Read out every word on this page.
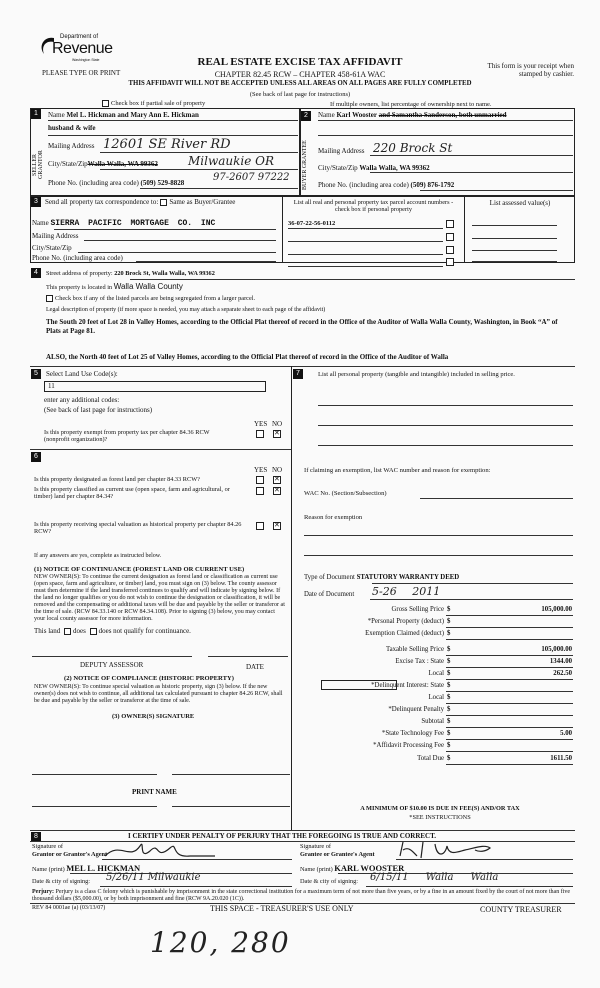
Department of
Revenue
Washington State
PLEASE TYPE OR PRINT
REAL ESTATE EXCISE TAX AFFIDAVIT
CHAPTER 82.45 RCW – CHAPTER 458-61A WAC
THIS AFFIDAVIT WILL NOT BE ACCEPTED UNLESS ALL AREAS ON ALL PAGES ARE FULLY COMPLETED
(See back of last page for instructions)
This form is your receipt when stamped by cashier.
Check box if partial sale of property	If multiple owners, list percentage of ownership next to name.
1
SELLER GRANTOR
Name Mel L. Hickman and Mary Ann E. Hickman
husband & wife
Mailing Address 12601 SE River RD
City/State/ZipWalla Walla, WA 99362	Milwaukie OR
Phone No. (including area code) (509) 529-8828	97-2607 97222
2
BUYER GRANTEE
Name Karl Wooster and Samantha Sanderson, both unmarried
Mailing Address 220 Brock St
City/State/Zip Walla Walla, WA 99362
Phone No. (including area code) (509) 876-1792
3	Send all property tax correspondence to: Same as Buyer/Grantee
Name SIERRA PACIFIC MORTGAGE CO. INC
Mailing Address
City/State/Zip
Phone No. (including area code)
List all real and personal property tax parcel account numbers - check box if personal property
List assessed value(s)
36-07-22-56-0112
4	Street address of property: 220 Brock St, Walla Walla, WA 99362
This property is located in Walla Walla County
Check box if any of the listed parcels are being segregated from a larger parcel.
Legal description of property (if more space is needed, you may attach a separate sheet to each page of the affidavit)
The South 20 feet of Lot 28 in Valley Homes, according to the Official Plat thereof of record in the Office of the Auditor of Walla Walla County, Washington, in Book “A” of Plats at Page 81.
ALSO, the North 40 feet of Lot 25 of Valley Homes, according to the Official Plat thereof of record in the Office of the Auditor of Walla
5	Select Land Use Code(s):
11
enter any additional codes:
(See back of last page for instructions)
YES NO
Is this property exempt from property tax per chapter 84.36 RCW (nonprofit organization)?
✕
6
YES NO
Is this property designated as forest land per chapter 84.33 RCW?
✕
Is this property classified as current use (open space, farm and agricultural, or timber) land per chapter 84.34?
✕
Is this property receiving special valuation as historical property per chapter 84.26 RCW?
✕
If any answers are yes, complete as instructed below.
(1) NOTICE OF CONTINUANCE (FOREST LAND OR CURRENT USE)
NEW OWNER(S): To continue the current designation as forest land or classification as current use (open space, farm and agriculture, or timber) land, you must sign on (3) below. The county assessor must then determine if the land transferred continues to qualify and will indicate by signing below. If the land no longer qualifies or you do not wish to continue the designation or classification, it will be removed and the compensating or additional taxes will be due and payable by the seller or transferor at the time of sale. (RCW 84.33.140 or RCW 84.34.108). Prior to signing (3) below, you may contact your local county assessor for more information.
This land does does not qualify for continuance.
DEPUTY ASSESSOR	DATE
(2) NOTICE OF COMPLIANCE (HISTORIC PROPERTY)
NEW OWNER(S): To continue special valuation as historic property, sign (3) below. If the new owner(s) does not wish to continue, all additional tax calculated pursuant to chapter 84.26 RCW, shall be due and payable by the seller or transferor at the time of sale.
(3) OWNER(S) SIGNATURE
PRINT NAME
7	List all personal property (tangible and intangible) included in selling price.
If claiming an exemption, list WAC number and reason for exemption:
WAC No. (Section/Subsection)
Reason for exemption
Type of Document STATUTORY WARRANTY DEED
Date of Document 5-26 2011
Gross Selling Price $	105,000.00
*Personal Property (deduct) $
Exemption Claimed (deduct) $
Taxable Selling Price $	105,000.00
Excise Tax : State $	1344.00
Local $	262.50
*Delinquent Interest: State $
Local $
*Delinquent Penalty $
Subtotal $
*State Technology Fee $	5.00
*Affidavit Processing Fee $
Total Due $	1611.50
A MINIMUM OF $10.00 IS DUE IN FEE(S) AND/OR TAX
*SEE INSTRUCTIONS
8	I CERTIFY UNDER PENALTY OF PERJURY THAT THE FOREGOING IS TRUE AND CORRECT.
Signature of
Grantor or Grantor's Agent
Signature of
Grantee or Grantee's Agent
Name (print) MEL L. HICKMAN	Name (print) KARL WOOSTER
Date & city of signing: 5/26/11 Milwaukie	Date & city of signing: 6/15/11 Walla Walla
Perjury: Perjury is a class C felony which is punishable by imprisonment in the state correctional institution for a maximum term of not more than five years, or by a fine in an amount fixed by the court of not more than five thousand dollars ($5,000.00), or by both imprisonment and fine (RCW 9A.20.020 (1C)).
REV 84 0001ae (a) (03/13/07)	THIS SPACE - TREASURER'S USE ONLY	COUNTY TREASURER
120, 280
